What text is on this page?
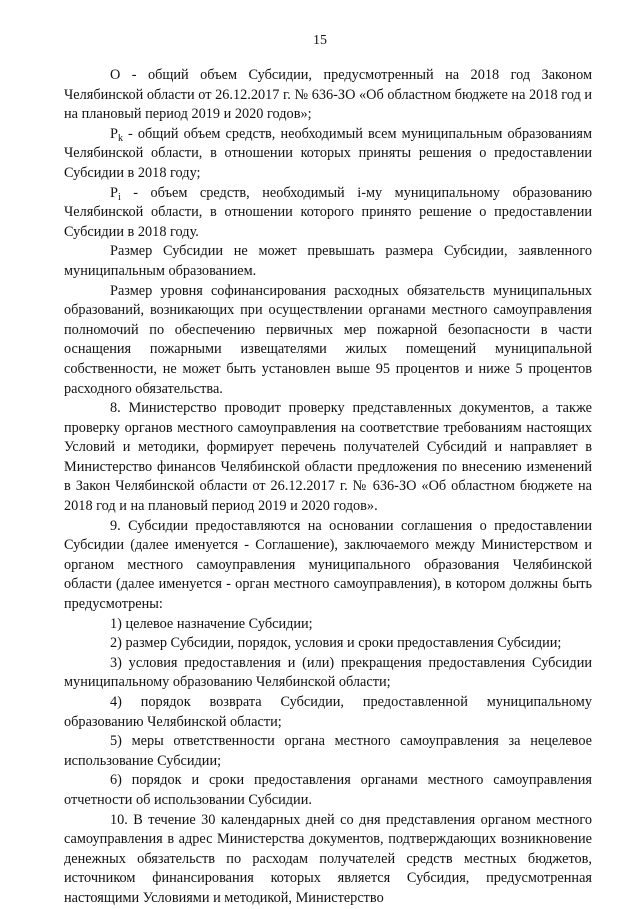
15

О - общий объем Субсидии, предусмотренный на 2018 год Законом Челябинской области от 26.12.2017 г. № 636-ЗО «Об областном бюджете на 2018 год и на плановый период 2019 и 2020 годов»;

$P_k$ - общий объем средств, необходимый всем муниципальным образованиям Челябинской области, в отношении которых приняты решения о предоставлении Субсидии в 2018 году;

$P_i$ - объем средств, необходимый i-му муниципальному образованию Челябинской области, в отношении которого принято решение о предоставлении Субсидии в 2018 году.

Размер Субсидии не может превышать размера Субсидии, заявленного муниципальным образованием.

Размер уровня софинансирования расходных обязательств муниципальных образований, возникающих при осуществлении органами местного самоуправления полномочий по обеспечению первичных мер пожарной безопасности в части оснащения пожарными извещателями жилых помещений муниципальной собственности, не может быть установлен выше 95 процентов и ниже 5 процентов расходного обязательства.

8. Министерство проводит проверку представленных документов, а также проверку органов местного самоуправления на соответствие требованиям настоящих Условий и методики, формирует перечень получателей Субсидий и направляет в Министерство финансов Челябинской области предложения по внесению изменений в Закон Челябинской области от 26.12.2017 г. № 636-ЗО «Об областном бюджете на 2018 год и на плановый период 2019 и 2020 годов».

9. Субсидии предоставляются на основании соглашения о предоставлении Субсидии (далее именуется - Соглашение), заключаемого между Министерством и органом местного самоуправления муниципального образования Челябинской области (далее именуется - орган местного самоуправления), в котором должны быть предусмотрены:

1) целевое назначение Субсидии;

2) размер Субсидии, порядок, условия и сроки предоставления Субсидии;

3) условия предоставления и (или) прекращения предоставления Субсидии муниципальному образованию Челябинской области;

4) порядок возврата Субсидии, предоставленной муниципальному образованию Челябинской области;

5) меры ответственности органа местного самоуправления за нецелевое использование Субсидии;

6) порядок и сроки предоставления органами местного самоуправления отчетности об использовании Субсидии.

10. В течение 30 календарных дней со дня представления органом местного самоуправления в адрес Министерства документов, подтверждающих возникновение денежных обязательств по расходам получателей средств местных бюджетов, источником финансирования которых является Субсидия, предусмотренная настоящими Условиями и методикой, Министерство
